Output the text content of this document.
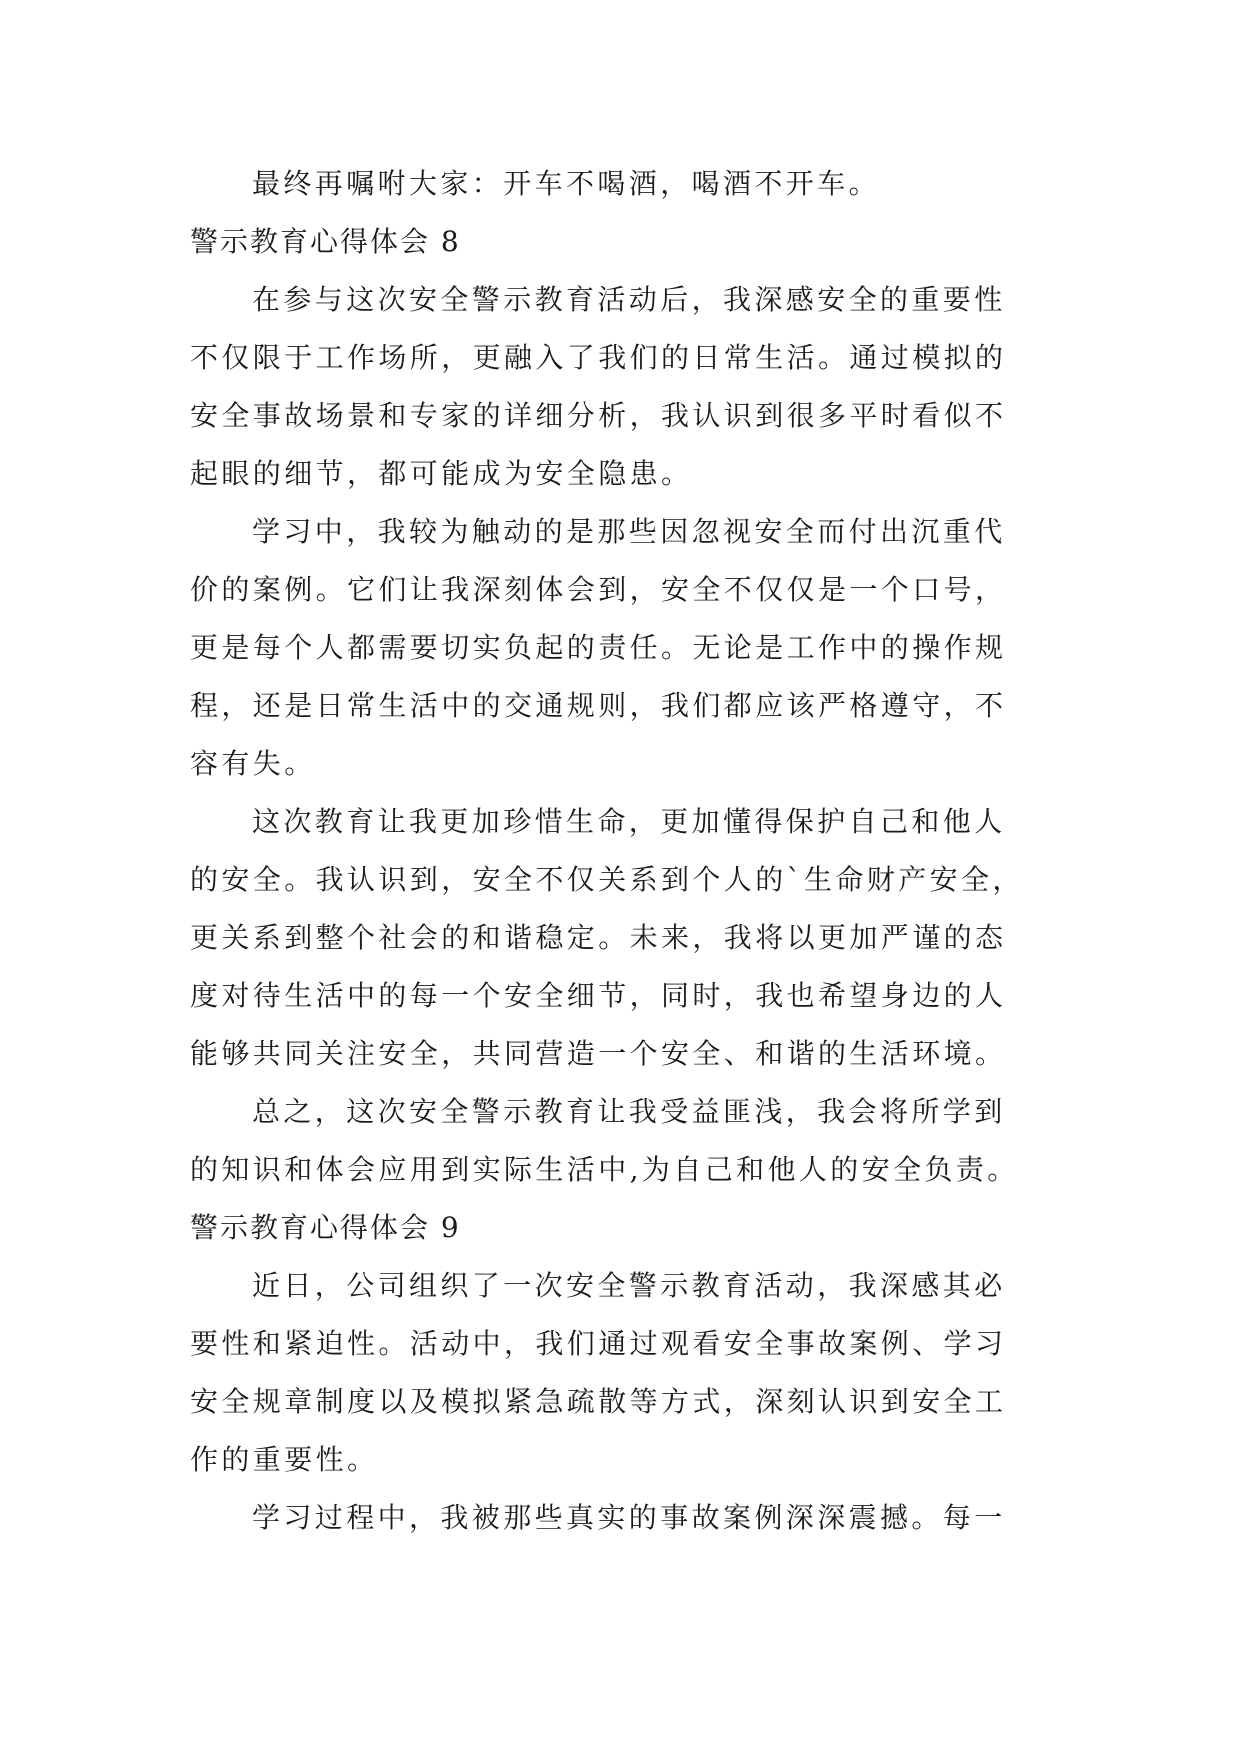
最终再嘱咐大家：开车不喝酒，喝酒不开车。
警示教育心得体会 8
在参与这次安全警示教育活动后，我深感安全的重要性
不仅限于工作场所，更融入了我们的日常生活。通过模拟的
安全事故场景和专家的详细分析，我认识到很多平时看似不
起眼的细节，都可能成为安全隐患。
学习中，我较为触动的是那些因忽视安全而付出沉重代
价的案例。它们让我深刻体会到，安全不仅仅是一个口号，
更是每个人都需要切实负起的责任。无论是工作中的操作规
程，还是日常生活中的交通规则，我们都应该严格遵守，不
容有失。
这次教育让我更加珍惜生命，更加懂得保护自己和他人
的安全。我认识到，安全不仅关系到个人的`生命财产安全，
更关系到整个社会的和谐稳定。未来，我将以更加严谨的态
度对待生活中的每一个安全细节，同时，我也希望身边的人
能够共同关注安全，共同营造一个安全、和谐的生活环境。
总之，这次安全警示教育让我受益匪浅，我会将所学到
的知识和体会应用到实际生活中,为自己和他人的安全负责。
警示教育心得体会 9
近日，公司组织了一次安全警示教育活动，我深感其必
要性和紧迫性。活动中，我们通过观看安全事故案例、学习
安全规章制度以及模拟紧急疏散等方式，深刻认识到安全工
作的重要性。
学习过程中，我被那些真实的事故案例深深震撼。每一
